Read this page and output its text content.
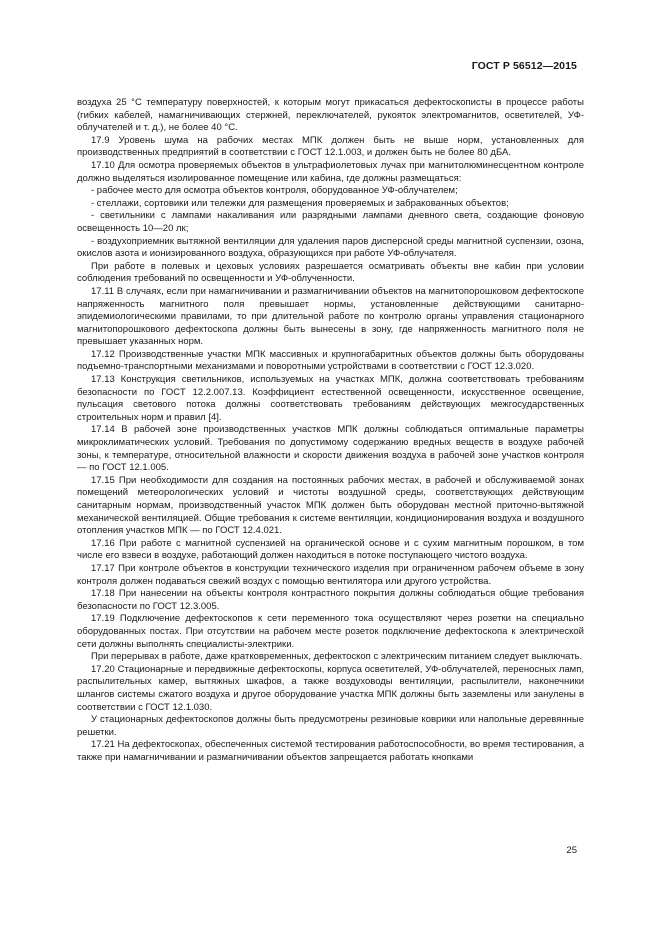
ГОСТ Р 56512—2015

воздуха 25 °C температуру поверхностей, к которым могут прикасаться дефектоскописты в процессе работы (гибких кабелей, намагничивающих стержней, переключателей, рукояток электромагнитов, осветителей, УФ-облучателей и т. д.), не более 40 °C.

17.9 Уровень шума на рабочих местах МПК должен быть не выше норм, установленных для производственных предприятий в соответствии с ГОСТ 12.1.003, и должен быть не более 80 дБА.

17.10 Для осмотра проверяемых объектов в ультрафиолетовых лучах при магнитолюминесцентном контроле должно выделяться изолированное помещение или кабина, где должны размещаться:

- рабочее место для осмотра объектов контроля, оборудованное УФ-облучателем;

- стеллажи, сортовики или тележки для размещения проверяемых и забракованных объектов;

- светильники с лампами накаливания или разрядными лампами дневного света, создающие фоновую освещенность 10—20 лк;

- воздухоприемник вытяжной вентиляции для удаления паров дисперсной среды магнитной суспензии, озона, окислов азота и ионизированного воздуха, образующихся при работе УФ-облучателя.

При работе в полевых и цеховых условиях разрешается осматривать объекты вне кабин при условии соблюдения требований по освещенности и УФ-облученности.

17.11 В случаях, если при намагничивании и размагничивании объектов на магнитопорошковом дефектоскопе напряженность магнитного поля превышает нормы, установленные действующими санитарно-эпидемиологическими правилами, то при длительной работе по контролю органы управления стационарного магнитопорошкового дефектоскопа должны быть вынесены в зону, где напряженность магнитного поля не превышает указанных норм.

17.12 Производственные участки МПК массивных и крупногабаритных объектов должны быть оборудованы подъемно-транспортными механизмами и поворотными устройствами в соответствии с ГОСТ 12.3.020.

17.13 Конструкция светильников, используемых на участках МПК, должна соответствовать требованиям безопасности по ГОСТ 12.2.007.13. Коэффициент естественной освещенности, искусственное освещение, пульсация светового потока должны соответствовать требованиям действующих межгосударственных строительных норм и правил [4].

17.14 В рабочей зоне производственных участков МПК должны соблюдаться оптимальные параметры микроклиматических условий. Требования по допустимому содержанию вредных веществ в воздухе рабочей зоны, к температуре, относительной влажности и скорости движения воздуха в рабочей зоне участков контроля — по ГОСТ 12.1.005.

17.15 При необходимости для создания на постоянных рабочих местах, в рабочей и обслуживаемой зонах помещений метеорологических условий и чистоты воздушной среды, соответствующих действующим санитарным нормам, производственный участок МПК должен быть оборудован местной приточно-вытяжной механической вентиляцией. Общие требования к системе вентиляции, кондиционирования воздуха и воздушного отопления участков МПК — по ГОСТ 12.4.021.

17.16 При работе с магнитной суспензией на органической основе и с сухим магнитным порошком, в том числе его взвеси в воздухе, работающий должен находиться в потоке поступающего чистого воздуха.

17.17 При контроле объектов в конструкции технического изделия при ограниченном рабочем объеме в зону контроля должен подаваться свежий воздух с помощью вентилятора или другого устройства.

17.18 При нанесении на объекты контроля контрастного покрытия должны соблюдаться общие требования безопасности по ГОСТ 12.3.005.

17.19 Подключение дефектоскопов к сети переменного тока осуществляют через розетки на специально оборудованных постах. При отсутствии на рабочем месте розеток подключение дефектоскопа к электрической сети должны выполнять специалисты-электрики.

При перерывах в работе, даже кратковременных, дефектоскоп с электрическим питанием следует выключать.

17.20 Стационарные и передвижные дефектоскопы, корпуса осветителей, УФ-облучателей, переносных ламп, распылительных камер, вытяжных шкафов, а также воздуховоды вентиляции, распылители, наконечники шлангов системы сжатого воздуха и другое оборудование участка МПК должны быть заземлены или занулены в соответствии с ГОСТ 12.1.030.

У стационарных дефектоскопов должны быть предусмотрены резиновые коврики или напольные деревянные решетки.

17.21 На дефектоскопах, обеспеченных системой тестирования работоспособности, во время тестирования, а также при намагничивании и размагничивании объектов запрещается работать кнопками

25
